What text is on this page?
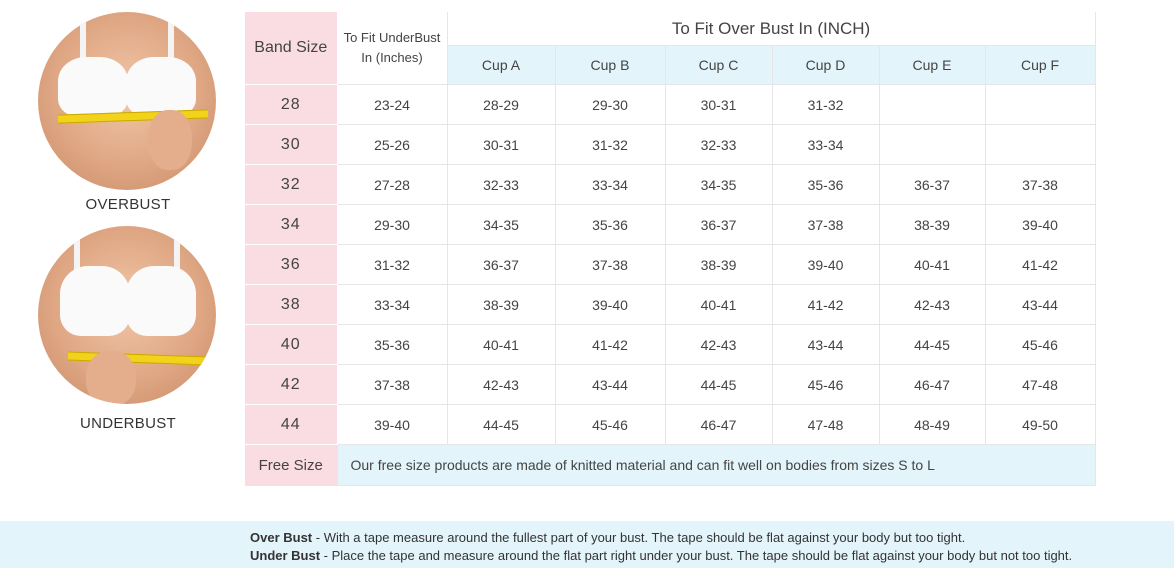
OVERBUST
UNDERBUST
Band Size	To Fit UnderBust In (Inches)	To Fit Over Bust In (INCH)					
		Cup A	Cup B	Cup C	Cup D	Cup E	Cup F
28	23-24	28-29	29-30	30-31	31-32		
30	25-26	30-31	31-32	32-33	33-34		
32	27-28	32-33	33-34	34-35	35-36	36-37	37-38
34	29-30	34-35	35-36	36-37	37-38	38-39	39-40
36	31-32	36-37	37-38	38-39	39-40	40-41	41-42
38	33-34	38-39	39-40	40-41	41-42	42-43	43-44
40	35-36	40-41	41-42	42-43	43-44	44-45	45-46
42	37-38	42-43	43-44	44-45	45-46	46-47	47-48
44	39-40	44-45	45-46	46-47	47-48	48-49	49-50
Free Size	Our free size products are made of knitted material and can fit well on bodies from sizes S to L						
Over Bust - With a tape measure around the fullest part of your bust. The tape should be flat against your body but too tight.
Under Bust - Place the tape and measure around the flat part right under your bust. The tape should be flat against your body but not too tight.
